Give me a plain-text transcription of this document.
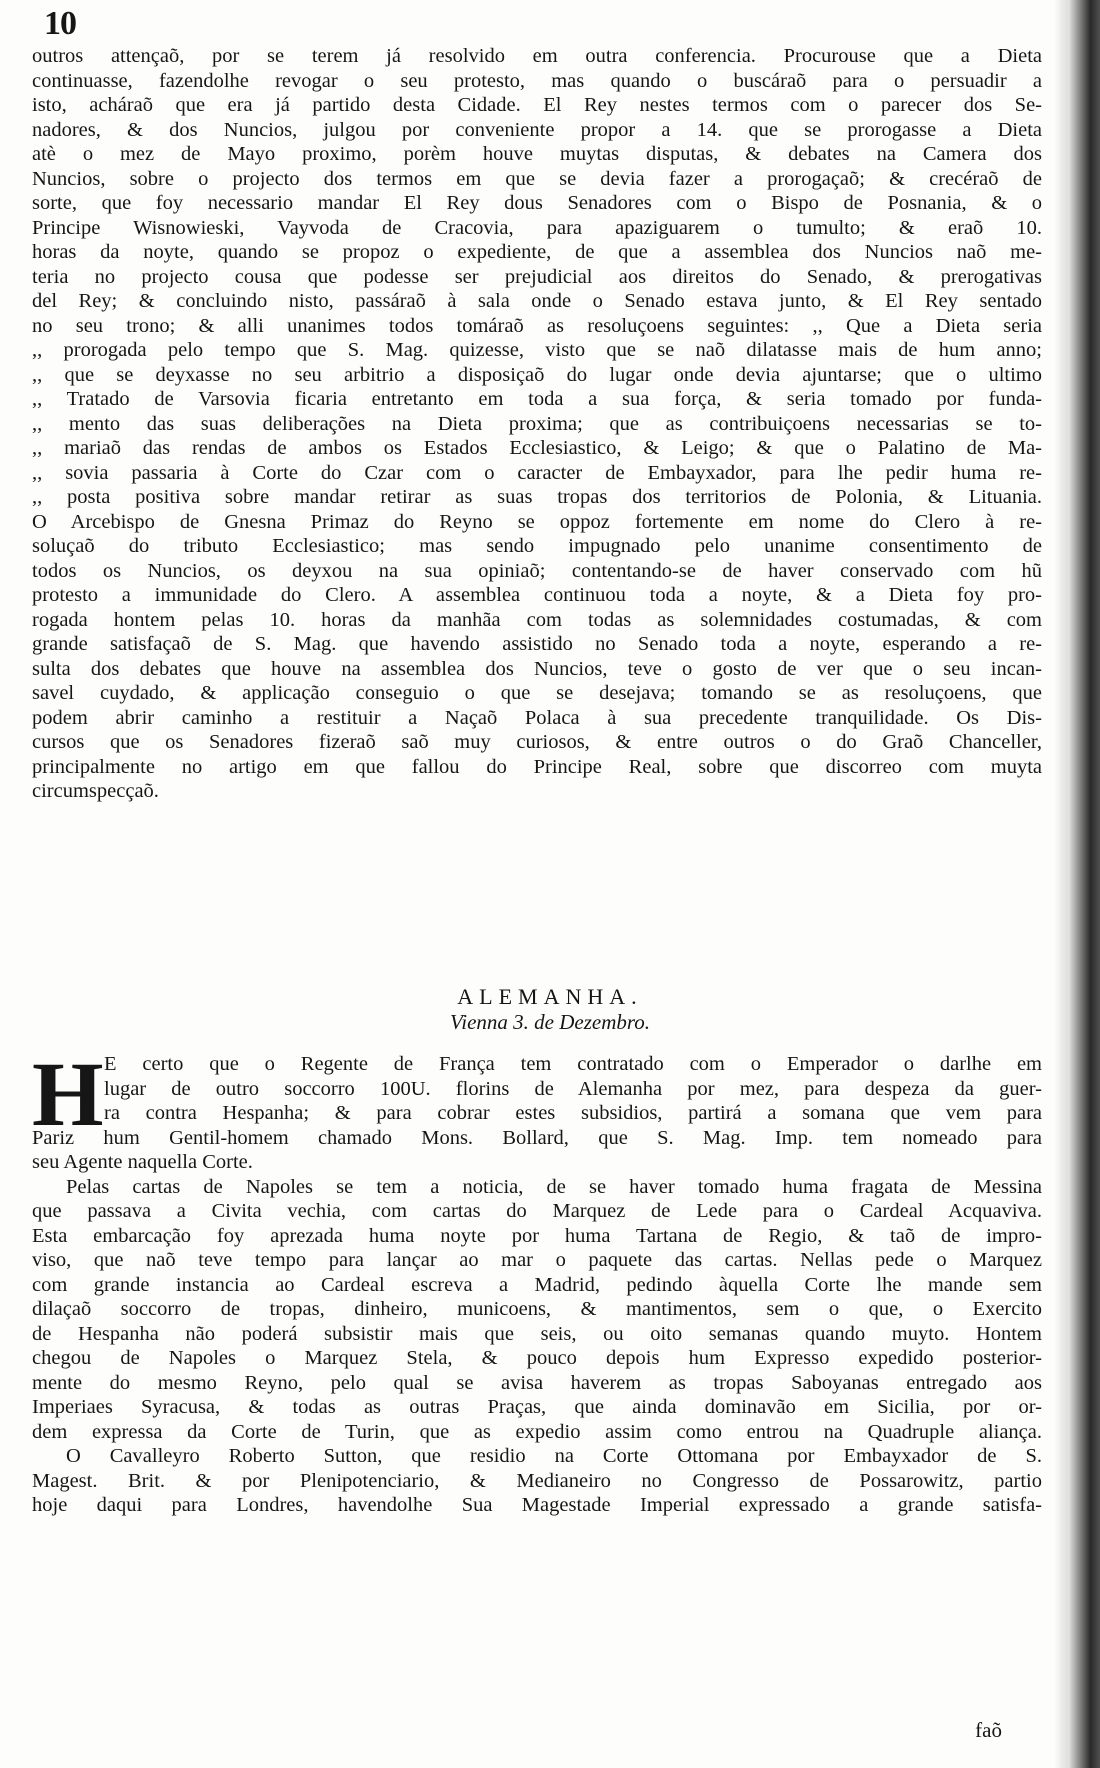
10
outros attençaõ, por se terem já resolvido em outra conferencia. Procurouse que a Dieta
continuasse, fazendolhe revogar o seu protesto, mas quando o buscáraõ para o persuadir a
isto, acháraõ que era já partido desta Cidade. El Rey nestes termos com o parecer dos Se-
nadores, & dos Nuncios, julgou por conveniente propor a 14. que se prorogasse a Dieta
atè o mez de Mayo proximo, porèm houve muytas disputas, & debates na Camera dos
Nuncios, sobre o projecto dos termos em que se devia fazer a prorogaçaõ; & crecéraõ de
sorte, que foy necessario mandar El Rey dous Senadores com o Bispo de Posnania, & o
Principe Wisnowieski, Vayvoda de Cracovia, para apaziguarem o tumulto; & eraõ 10.
horas da noyte, quando se propoz o expediente, de que a assemblea dos Nuncios naõ me-
teria no projecto cousa que podesse ser prejudicial aos direitos do Senado, & prerogativas
del Rey; & concluindo nisto, passáraõ à sala onde o Senado estava junto, & El Rey sentado
no seu trono; & alli unanimes todos tomáraõ as resoluçoens seguintes: ,, Que a Dieta seria
,, prorogada pelo tempo que S. Mag. quizesse, visto que se naõ dilatasse mais de hum anno;
,, que se deyxasse no seu arbitrio a disposiçaõ do lugar onde devia ajuntarse; que o ultimo
,, Tratado de Varsovia ficaria entretanto em toda a sua força, & seria tomado por funda-
,, mento das suas deliberações na Dieta proxima; que as contribuiçoens necessarias se to-
,, mariaõ das rendas de ambos os Estados Ecclesiastico, & Leigo; & que o Palatino de Ma-
,, sovia passaria à Corte do Czar com o caracter de Embayxador, para lhe pedir huma re-
,, posta positiva sobre mandar retirar as suas tropas dos territorios de Polonia, & Lituania.
O Arcebispo de Gnesna Primaz do Reyno se oppoz fortemente em nome do Clero à re-
soluçaõ do tributo Ecclesiastico; mas sendo impugnado pelo unanime consentimento de
todos os Nuncios, os deyxou na sua opiniaõ; contentando-se de haver conservado com hũ
protesto a immunidade do Clero. A assemblea continuou toda a noyte, & a Dieta foy pro-
rogada hontem pelas 10. horas da manhãa com todas as solemnidades costumadas, & com
grande satisfaçaõ de S. Mag. que havendo assistido no Senado toda a noyte, esperando a re-
sulta dos debates que houve na assemblea dos Nuncios, teve o gosto de ver que o seu incan-
savel cuydado, & applicação conseguio o que se desejava; tomando se as resoluçoens, que
podem abrir caminho a restituir a Naçaõ Polaca à sua precedente tranquilidade. Os Dis-
cursos que os Senadores fizeraõ saõ muy curiosos, & entre outros o do Graõ Chanceller,
principalmente no artigo em que fallou do Principe Real, sobre que discorreo com muyta
circumspecçaõ.
ALEMANHA.
Vienna 3. de Dezembro.
H E certo que o Regente de França tem contratado com o Emperador o darlhe em
lugar de outro soccorro 100U. florins de Alemanha por mez, para despeza da guer-
ra contra Hespanha; & para cobrar estes subsidios, partirá a somana que vem para
Pariz hum Gentil-homem chamado Mons. Bollard, que S. Mag. Imp. tem nomeado para
seu Agente naquella Corte.
Pelas cartas de Napoles se tem a noticia, de se haver tomado huma fragata de Messina
que passava a Civita vechia, com cartas do Marquez de Lede para o Cardeal Acquaviva.
Esta embarcação foy aprezada huma noyte por huma Tartana de Regio, & taõ de impro-
viso, que naõ teve tempo para lançar ao mar o paquete das cartas. Nellas pede o Marquez
com grande instancia ao Cardeal escreva a Madrid, pedindo àquella Corte lhe mande sem
dilaçaõ soccorro de tropas, dinheiro, municoens, & mantimentos, sem o que, o Exercito
de Hespanha não poderá subsistir mais que seis, ou oito semanas quando muyto. Hontem
chegou de Napoles o Marquez Stela, & pouco depois hum Expresso expedido posterior-
mente do mesmo Reyno, pelo qual se avisa haverem as tropas Saboyanas entregado aos
Imperiaes Syracusa, & todas as outras Praças, que ainda dominavão em Sicilia, por or-
dem expressa da Corte de Turin, que as expedio assim como entrou na Quadruple aliança.
O Cavalleyro Roberto Sutton, que residio na Corte Ottomana por Embayxador de S.
Magest. Brit. & por Plenipotenciario, & Medianeiro no Congresso de Possarowitz, partio
hoje daqui para Londres, havendolhe Sua Magestade Imperial expressado a grande satisfa-
faõ
